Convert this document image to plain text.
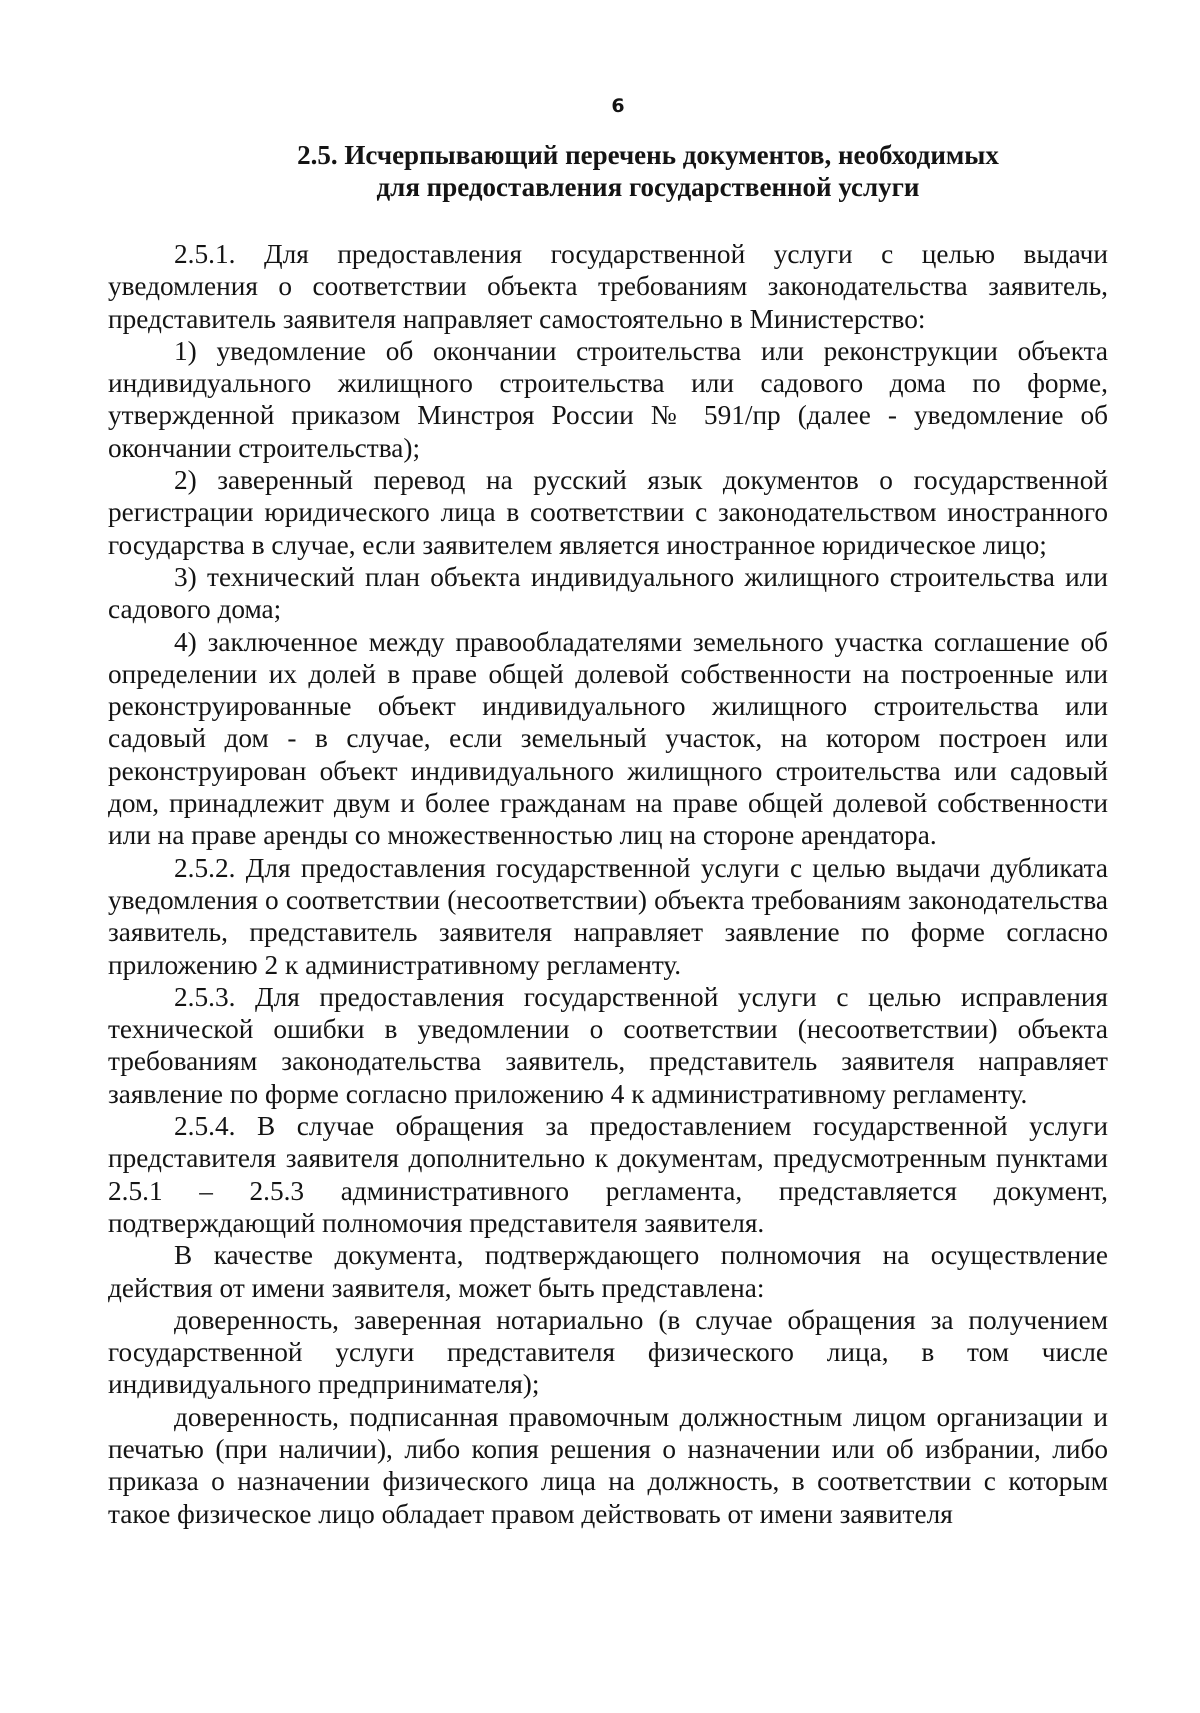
6
2.5. Исчерпывающий перечень документов, необходимых
для предоставления государственной услуги

2.5.1. Для предоставления государственной услуги с целью выдачи уведомления о соответствии объекта требованиям законодательства заявитель, представитель заявителя направляет самостоятельно в Министерство:

1) уведомление об окончании строительства или реконструкции объекта индивидуального жилищного строительства или садового дома по форме, утвержденной приказом Минстроя России № 591/пр (далее - уведомление об окончании строительства);

2) заверенный перевод на русский язык документов о государственной регистрации юридического лица в соответствии с законодательством иностранного государства в случае, если заявителем является иностранное юридическое лицо;

3) технический план объекта индивидуального жилищного строительства или садового дома;

4) заключенное между правообладателями земельного участка соглашение об определении их долей в праве общей долевой собственности на построенные или реконструированные объект индивидуального жилищного строительства или садовый дом - в случае, если земельный участок, на котором построен или реконструирован объект индивидуального жилищного строительства или садовый дом, принадлежит двум и более гражданам на праве общей долевой собственности или на праве аренды со множественностью лиц на стороне арендатора.

2.5.2. Для предоставления государственной услуги с целью выдачи дубликата уведомления о соответствии (несоответствии) объекта требованиям законодательства заявитель, представитель заявителя направляет заявление по форме согласно приложению 2 к административному регламенту.

2.5.3. Для предоставления государственной услуги с целью исправления технической ошибки в уведомлении о соответствии (несоответствии) объекта требованиям законодательства заявитель, представитель заявителя направляет заявление по форме согласно приложению 4 к административному регламенту.

2.5.4. В случае обращения за предоставлением государственной услуги представителя заявителя дополнительно к документам, предусмотренным пунктами 2.5.1 – 2.5.3 административного регламента, представляется документ, подтверждающий полномочия представителя заявителя.

В качестве документа, подтверждающего полномочия на осуществление действия от имени заявителя, может быть представлена:

доверенность, заверенная нотариально (в случае обращения за получением государственной услуги представителя физического лица, в том числе индивидуального предпринимателя);

доверенность, подписанная правомочным должностным лицом организации и печатью (при наличии), либо копия решения о назначении или об избрании, либо приказа о назначении физического лица на должность, в соответствии с которым такое физическое лицо обладает правом действовать от имени заявителя
